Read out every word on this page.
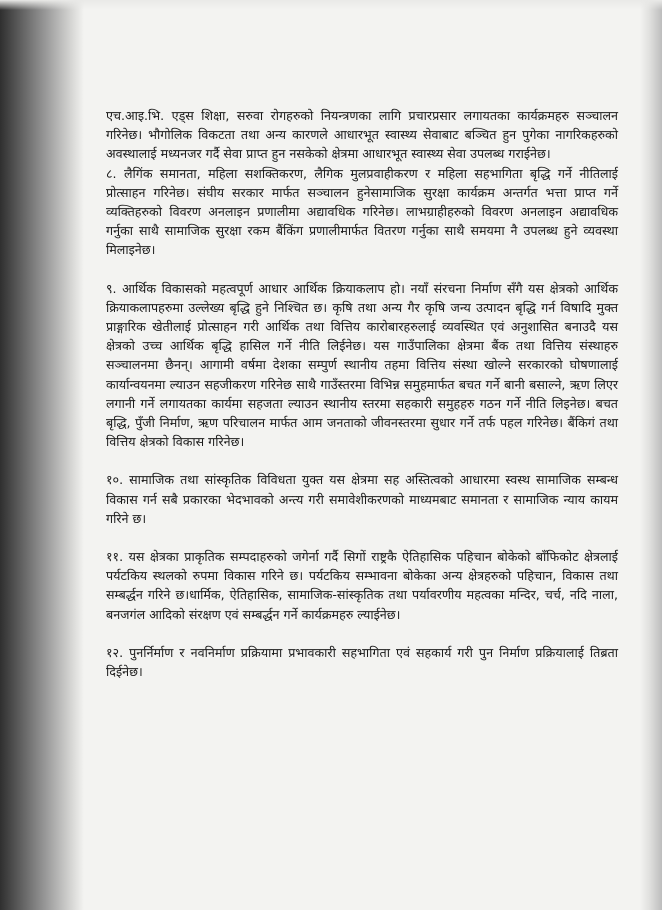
एच.आइ.भि. एड्स शिक्षा, सरुवा रोगहरुको नियन्त्रणका लागि प्रचारप्रसार लगायतका कार्यक्रमहरु सञ्चालन गरिनेछ। भौगोलिक विकटता तथा अन्य कारणले आधारभूत स्वास्थ्य सेवाबाट बञ्चित हुन पुगेका नागरिकहरुको अवस्थालाई मध्यनजर गर्दै सेवा प्राप्त हुन नसकेको क्षेत्रमा आधारभूत स्वास्थ्य सेवा उपलब्ध गराईनेछ।

८. लैगिंक समानता, महिला सशक्तिकरण, लैगिक मुलप्रवाहीकरण र महिला सहभागिता बृद्धि गर्ने नीतिलाई प्रोत्साहन गरिनेछ। संघीय सरकार मार्फत सञ्चालन हुनेसामाजिक सुरक्षा कार्यक्रम अन्तर्गत भत्ता प्राप्त गर्ने व्यक्तिहरुको विवरण अनलाइन प्रणालीमा अद्यावधिक गरिनेछ। लाभग्राहीहरुको विवरण अनलाइन अद्यावधिक गर्नुका साथै सामाजिक सुरक्षा रकम बैंकिंग प्रणालीमार्फत वितरण गर्नुका साथै समयमा नै उपलब्ध हुने व्यवस्था मिलाइनेछ।

९. आर्थिक विकासको महत्वपूर्ण आधार आर्थिक क्रियाकलाप हो। नयाँ संरचना निर्माण सँगै यस क्षेत्रको आर्थिक क्रियाकलापहरुमा उल्लेख्य बृद्धि हुने निश्चित छ। कृषि तथा अन्य गैर कृषि जन्य उत्पादन बृद्धि गर्न विषादि मुक्त प्राङ्गारिक खेतीलाई प्रोत्साहन गरी आर्थिक तथा वित्तिय कारोबारहरुलाई व्यवस्थित एवं अनुशासित बनाउदै यस क्षेत्रको उच्च आर्थिक बृद्धि हासिल गर्ने नीति लिईनेछ। यस गाउँपालिका क्षेत्रमा बैंक तथा वित्तिय संस्थाहरु सञ्चालनमा छैनन्। आगामी वर्षमा देशका सम्पुर्ण स्थानीय तहमा वित्तिय संस्था खोल्ने सरकारको घोषणालाई कार्यान्वयनमा ल्याउन सहजीकरण गरिनेछ साथै गाउँस्तरमा विभिन्न समुहमार्फत बचत गर्ने बानी बसाल्ने, ऋण लिएर लगानी गर्ने लगायतका कार्यमा सहजता ल्याउन स्थानीय स्तरमा सहकारी समुहहरु गठन गर्ने नीति लिइनेछ। बचत बृद्धि, पुँजी निर्माण, ऋण परिचालन मार्फत आम जनताको जीवनस्तरमा सुधार गर्ने तर्फ पहल गरिनेछ। बैंकिगं तथा वित्तिय क्षेत्रको विकास गरिनेछ।

१०. सामाजिक तथा सांस्कृतिक विविधता युक्त यस क्षेत्रमा सह अस्तित्वको आधारमा स्वस्थ सामाजिक सम्बन्ध विकास गर्न सबै प्रकारका भेदभावको अन्त्य गरी समावेशीकरणको माध्यमबाट समानता र सामाजिक न्याय कायम गरिने छ।

११. यस क्षेत्रका प्राकृतिक सम्पदाहरुको जगेर्ना गर्दै सिगों राष्ट्रकै ऐतिहासिक पहिचान बोकेको बाँफिकोट क्षेत्रलाई पर्यटकिय स्थलको रुपमा विकास गरिने छ। पर्यटकिय सम्भावना बोकेका अन्य क्षेत्रहरुको पहिचान, विकास तथा सम्बर्द्धन गरिने छ।धार्मिक, ऐतिहासिक, सामाजिक-सांस्कृतिक तथा पर्यावरणीय महत्वका मन्दिर, चर्च, नदि नाला, बनजगंल आदिको संरक्षण एवं सम्बर्द्धन गर्ने कार्यक्रमहरु ल्याईनेछ।

१२. पुनर्निर्माण र नवनिर्माण प्रक्रियामा प्रभावकारी सहभागिता एवं सहकार्य गरी पुन निर्माण प्रक्रियालाई तिब्रता दिईनेछ।
